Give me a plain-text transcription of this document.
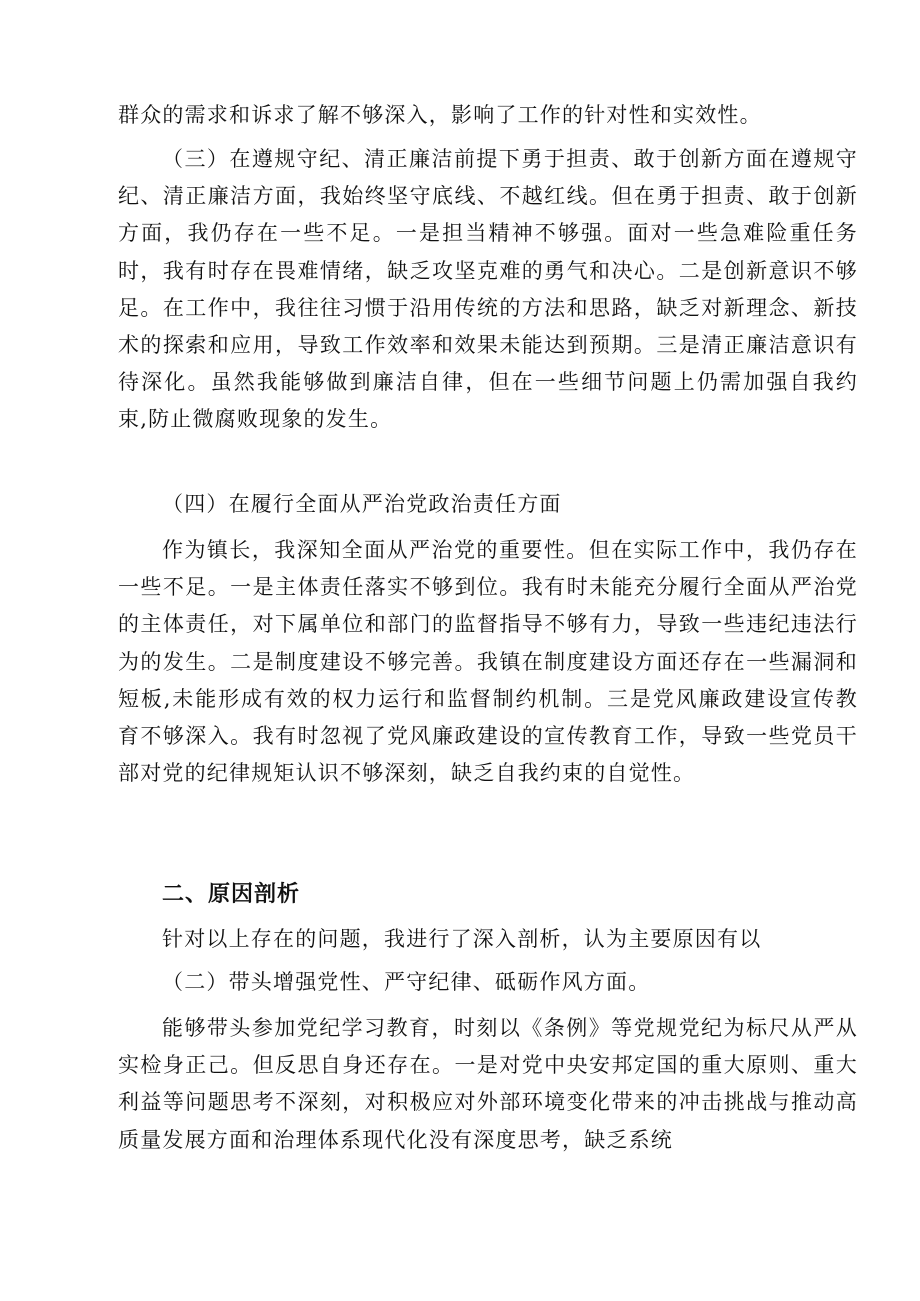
群众的需求和诉求了解不够深入，影响了工作的针对性和实效性。

（三）在遵规守纪、清正廉洁前提下勇于担责、敢于创新方面在遵规守纪、清正廉洁方面，我始终坚守底线、不越红线。但在勇于担责、敢于创新方面，我仍存在一些不足。一是担当精神不够强。面对一些急难险重任务时，我有时存在畏难情绪，缺乏攻坚克难的勇气和决心。二是创新意识不够足。在工作中，我往往习惯于沿用传统的方法和思路，缺乏对新理念、新技术的探索和应用，导致工作效率和效果未能达到预期。三是清正廉洁意识有待深化。虽然我能够做到廉洁自律，但在一些细节问题上仍需加强自我约束,防止微腐败现象的发生。

（四）在履行全面从严治党政治责任方面

作为镇长，我深知全面从严治党的重要性。但在实际工作中，我仍存在一些不足。一是主体责任落实不够到位。我有时未能充分履行全面从严治党的主体责任，对下属单位和部门的监督指导不够有力，导致一些违纪违法行为的发生。二是制度建设不够完善。我镇在制度建设方面还存在一些漏洞和短板,未能形成有效的权力运行和监督制约机制。三是党风廉政建设宣传教育不够深入。我有时忽视了党风廉政建设的宣传教育工作，导致一些党员干部对党的纪律规矩认识不够深刻，缺乏自我约束的自觉性。

二、原因剖析

针对以上存在的问题，我进行了深入剖析，认为主要原因有以

（二）带头增强党性、严守纪律、砥砺作风方面。

能够带头参加党纪学习教育，时刻以《条例》等党规党纪为标尺从严从实检身正己。但反思自身还存在。一是对党中央安邦定国的重大原则、重大利益等问题思考不深刻，对积极应对外部环境变化带来的冲击挑战与推动高质量发展方面和治理体系现代化没有深度思考，缺乏系统
